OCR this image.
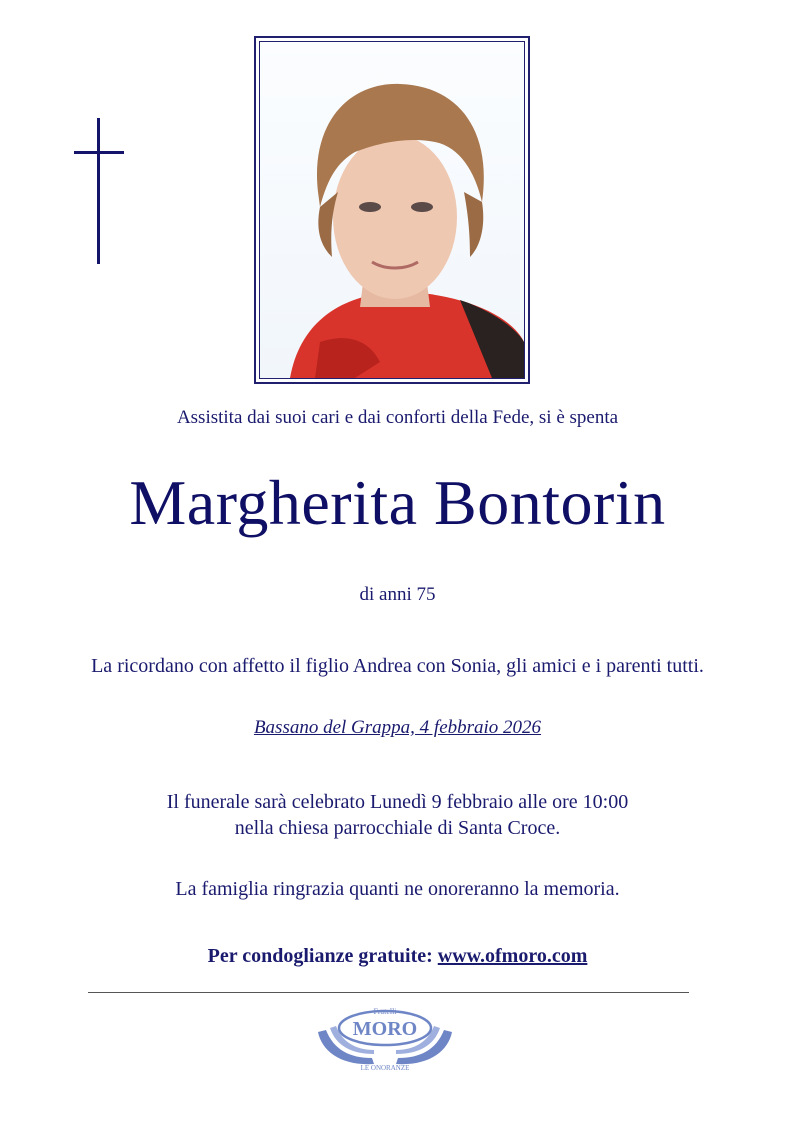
Assistita dai suoi cari e dai conforti della Fede, si è spenta
Margherita Bontorin
di anni 75
La ricordano con affetto il figlio Andrea con Sonia, gli amici e i parenti tutti.
Bassano del Grappa, 4 febbraio 2026
Il funerale sarà celebrato Lunedì 9 febbraio alle ore 10:00
nella chiesa parrocchiale di Santa Croce.
La famiglia ringrazia quanti ne onoreranno la memoria.
Per condoglianze gratuite: www.ofmoro.com
Fratelli
MORO
LE ONORANZE
